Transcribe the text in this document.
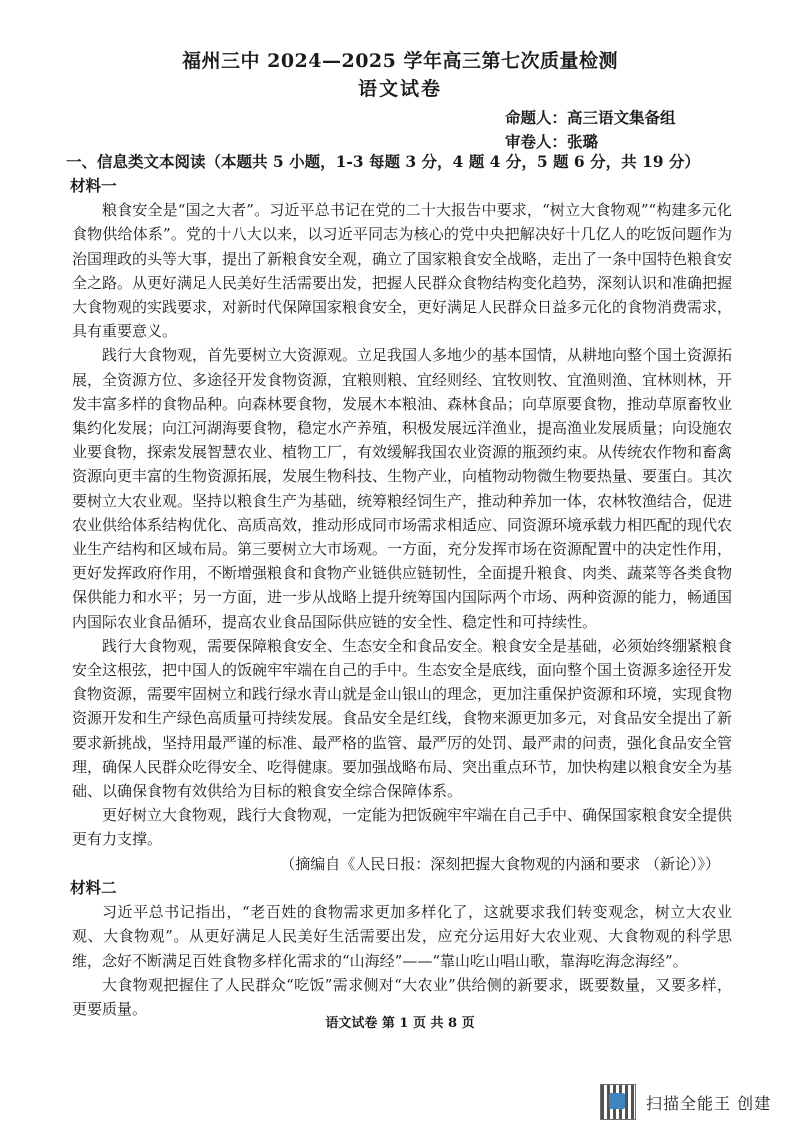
福州三中 2024—2025 学年高三第七次质量检测
语文试卷
命题人：高三语文集备组
审卷人：张璐
一、信息类文本阅读（本题共 5 小题，1-3 每题 3 分，4 题 4 分，5 题 6 分，共 19 分）
材料一

粮食安全是“国之大者”。习近平总书记在党的二十大报告中要求，“树立大食物观”“构建多元化食物供给体系”。党的十八大以来，以习近平同志为核心的党中央把解决好十几亿人的吃饭问题作为治国理政的头等大事，提出了新粮食安全观，确立了国家粮食安全战略，走出了一条中国特色粮食安全之路。从更好满足人民美好生活需要出发，把握人民群众食物结构变化趋势，深刻认识和准确把握大食物观的实践要求，对新时代保障国家粮食安全，更好满足人民群众日益多元化的食物消费需求，具有重要意义。

践行大食物观，首先要树立大资源观。立足我国人多地少的基本国情，从耕地向整个国土资源拓展，全资源方位、多途径开发食物资源，宜粮则粮、宜经则经、宜牧则牧、宜渔则渔、宜林则林，开发丰富多样的食物品种。向森林要食物，发展木本粮油、森林食品；向草原要食物，推动草原畜牧业集约化发展；向江河湖海要食物，稳定水产养殖，积极发展远洋渔业，提高渔业发展质量；向设施农业要食物，探索发展智慧农业、植物工厂，有效缓解我国农业资源的瓶颈约束。从传统农作物和畜禽资源向更丰富的生物资源拓展，发展生物科技、生物产业，向植物动物微生物要热量、要蛋白。其次要树立大农业观。坚持以粮食生产为基础，统筹粮经饲生产，推动种养加一体，农林牧渔结合，促进农业供给体系结构优化、高质高效，推动形成同市场需求相适应、同资源环境承载力相匹配的现代农业生产结构和区域布局。第三要树立大市场观。一方面，充分发挥市场在资源配置中的决定性作用，更好发挥政府作用，不断增强粮食和食物产业链供应链韧性，全面提升粮食、肉类、蔬菜等各类食物保供能力和水平；另一方面，进一步从战略上提升统筹国内国际两个市场、两种资源的能力，畅通国内国际农业食品循环，提高农业食品国际供应链的安全性、稳定性和可持续性。

践行大食物观，需要保障粮食安全、生态安全和食品安全。粮食安全是基础，必须始终绷紧粮食安全这根弦，把中国人的饭碗牢牢端在自己的手中。生态安全是底线，面向整个国土资源多途径开发食物资源，需要牢固树立和践行绿水青山就是金山银山的理念，更加注重保护资源和环境，实现食物资源开发和生产绿色高质量可持续发展。食品安全是红线，食物来源更加多元，对食品安全提出了新要求新挑战，坚持用最严谨的标准、最严格的监管、最严厉的处罚、最严肃的问责，强化食品安全管理，确保人民群众吃得安全、吃得健康。要加强战略布局、突出重点环节，加快构建以粮食安全为基础、以确保食物有效供给为目标的粮食安全综合保障体系。

更好树立大食物观，践行大食物观，一定能为把饭碗牢牢端在自己手中、确保国家粮食安全提供更有力支撑。

（摘编自《人民日报：深刻把握大食物观的内涵和要求 （新论）》）

材料二

习近平总书记指出，“老百姓的食物需求更加多样化了，这就要求我们转变观念，树立大农业观、大食物观”。从更好满足人民美好生活需要出发，应充分运用好大农业观、大食物观的科学思维，念好不断满足百姓食物多样化需求的“山海经”——“靠山吃山唱山歌，靠海吃海念海经”。

大食物观把握住了人民群众“吃饭”需求侧对“大农业”供给侧的新要求，既要数量，又要多样，更要质量。

语文试卷 第 1 页 共 8 页
扫描全能王 创建
